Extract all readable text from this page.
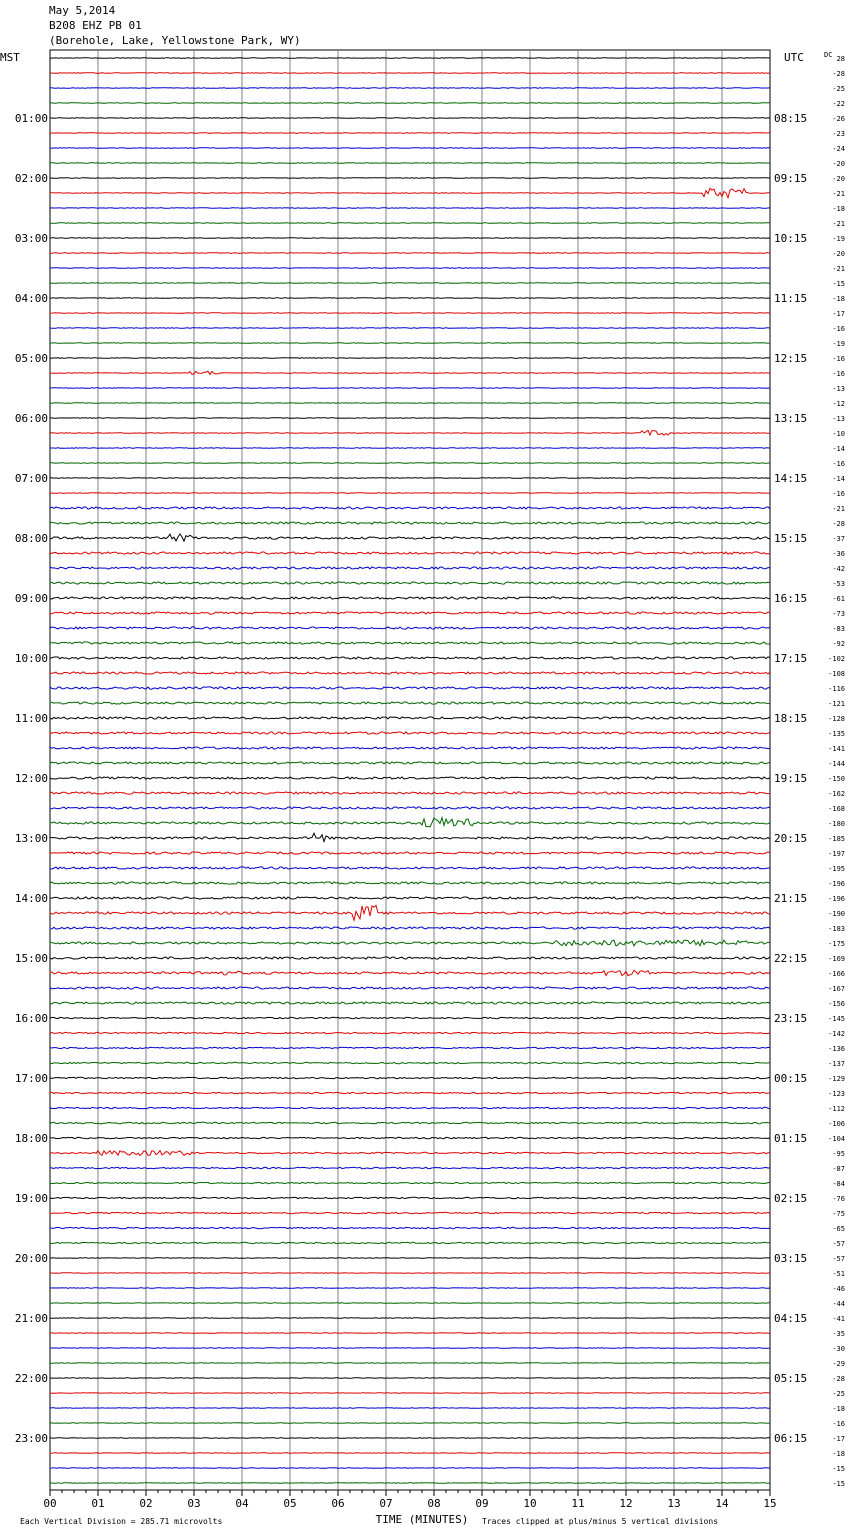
May 5,2014
B208 EHZ PB 01
(Borehole, Lake, Yellowstone Park, WY)
28
-28
-25
-22
-26
-23
-24
-20
-20
-21
-18
-21
-19
-20
-21
-15
-18
-17
-16
-19
-16
-16
-13
-12
-13
-10
-14
-16
-14
-16
-21
-28
-37
-36
-42
-53
-61
-73
-83
-92
-102
-108
-116
-121
-128
-135
-141
-144
-150
-162
-168
-180
-185
-197
-195
-196
-196
-190
-183
-175
-169
-166
-167
-156
-145
-142
-136
-137
-129
-123
-112
-106
-104
-95
-87
-84
-76
-75
-65
-57
-57
-51
-46
-44
-41
-35
-30
-29
-28
-25
-18
-16
-17
-18
-15
-15
01:00	08:15
02:00	09:15
03:00	10:15
04:00	11:15
05:00	12:15
06:00	13:15
07:00	14:15
08:00	15:15
09:00	16:15
10:00	17:15
11:00	18:15
12:00	19:15
13:00	20:15
14:00	21:15
15:00	22:15
16:00	23:15
17:00	00:15
18:00	01:15
19:00	02:15
20:00	03:15
21:00	04:15
22:00	05:15
23:00	06:15
MST	UTC	DC
00	01	02	03	04	05	06	07	08	09	10	11	12	13	14	15
Each Vertical Division = 285.71 microvolts	TIME (MINUTES) Traces clipped at plus/minus 5 vertical divisions
